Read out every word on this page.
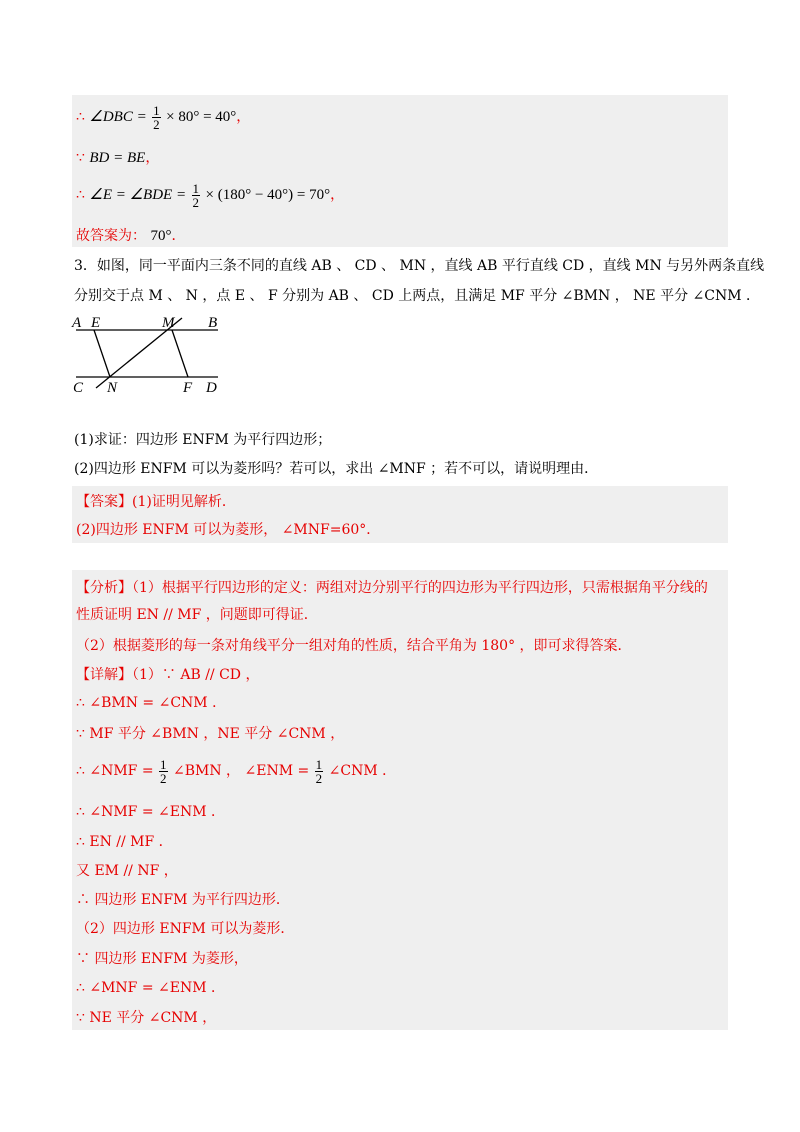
∴ ∠DBC = $\frac{1}{2} \times 80^\circ = 40^\circ$，
∵ BD = BE，
∴ ∠E = ∠BDE = $\frac{1}{2} \times (180^\circ - 40^\circ) = 70^\circ$，
故答案为： 70°．
3．如图，同一平面内三条不同的直线 AB 、 CD 、 MN ，直线 AB 平行直线 CD ，直线 MN 与另外两条直线
分别交于点 M 、 N ，点 E 、 F 分别为 AB 、 CD 上两点，且满足 MF 平分 ∠BMN ， NE 平分 ∠CNM ．
A E	M B
C N	F D
(1)求证：四边形 ENFM 为平行四边形；
(2)四边形 ENFM 可以为菱形吗？若可以，求出 ∠MNF ；若不可以，请说明理由．
【答案】(1)证明见解析．
(2)四边形 ENFM 可以为菱形， ∠MNF=60°．
【分析】（1）根据平行四边形的定义：两组对边分别平行的四边形为平行四边形，只需根据角平分线的
性质证明 EN // MF ，问题即可得证．
（2）根据菱形的每一条对角线平分一组对角的性质，结合平角为 180° ，即可求得答案．
【详解】（1）∵ AB // CD ，
∴ ∠BMN = ∠CNM ．
∵ MF 平分 ∠BMN ，NE 平分 ∠CNM ，
∴ ∠NMF = $\frac{1}{2}$ ∠BMN ， ∠ENM = $\frac{1}{2}$ ∠CNM ．
∴ ∠NMF = ∠ENM ．
∴ EN // MF ．
又 EM // NF ，
∴ 四边形 ENFM 为平行四边形．
（2）四边形 ENFM 可以为菱形．
∵ 四边形 ENFM 为菱形，
∴ ∠MNF = ∠ENM ．
∵ NE 平分 ∠CNM ，
